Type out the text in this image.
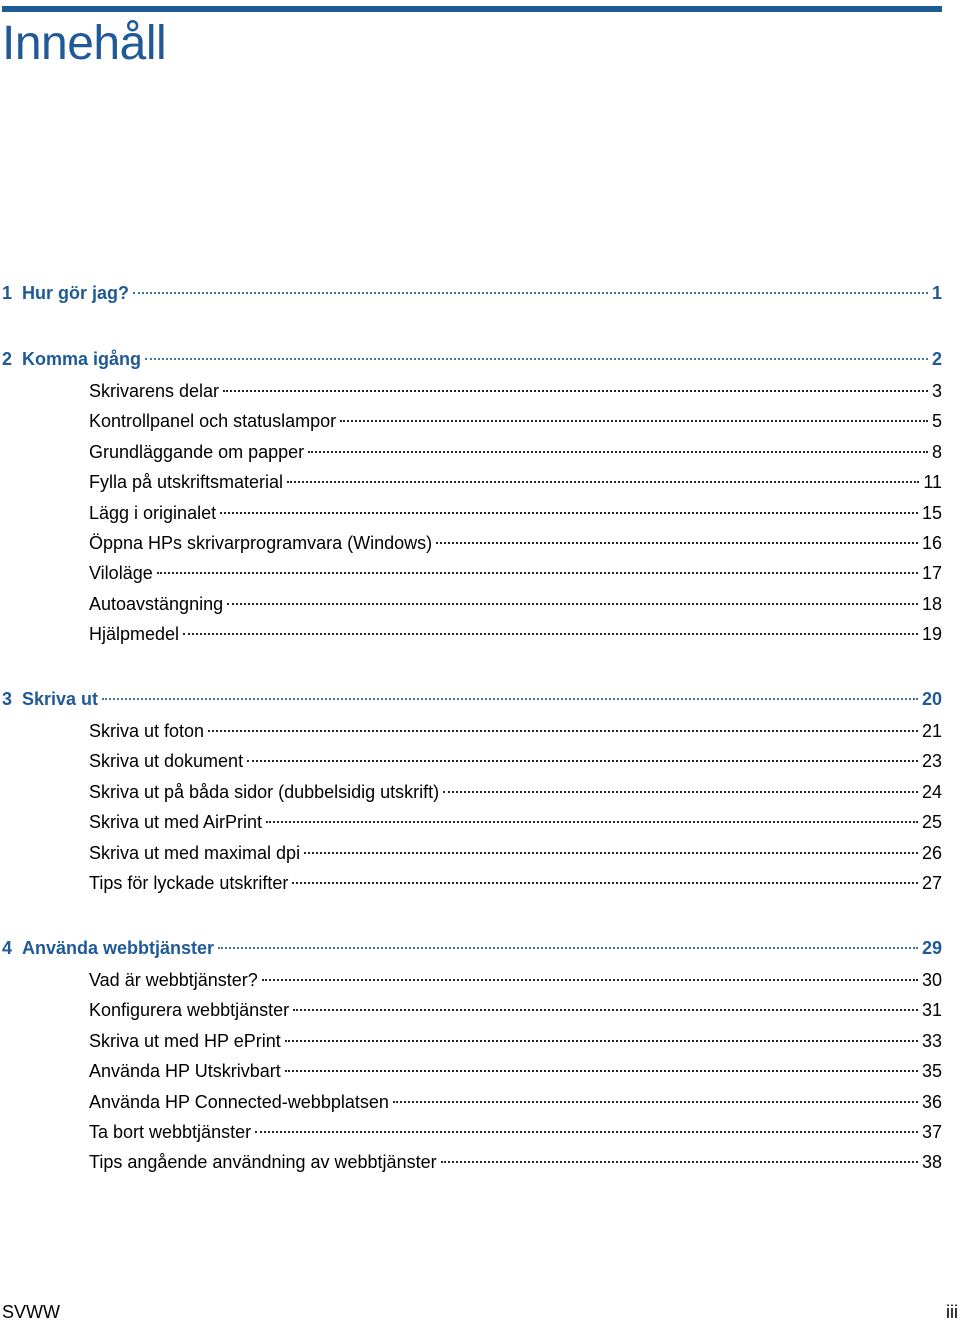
Innehåll
1 Hur gör jag?	1
2 Komma igång	2
Skrivarens delar	3
Kontrollpanel och statuslampor	5
Grundläggande om papper	8
Fylla på utskriftsmaterial	11
Lägg i originalet	15
Öppna HPs skrivarprogramvara (Windows)	16
Viloläge	17
Autoavstängning	18
Hjälpmedel	19
3 Skriva ut	20
Skriva ut foton	21
Skriva ut dokument	23
Skriva ut på båda sidor (dubbelsidig utskrift)	24
Skriva ut med AirPrint	25
Skriva ut med maximal dpi	26
Tips för lyckade utskrifter	27
4 Använda webbtjänster	29
Vad är webbtjänster?	30
Konfigurera webbtjänster	31
Skriva ut med HP ePrint	33
Använda HP Utskrivbart	35
Använda HP Connected-webbplatsen	36
Ta bort webbtjänster	37
Tips angående användning av webbtjänster	38
SVWW	iii
